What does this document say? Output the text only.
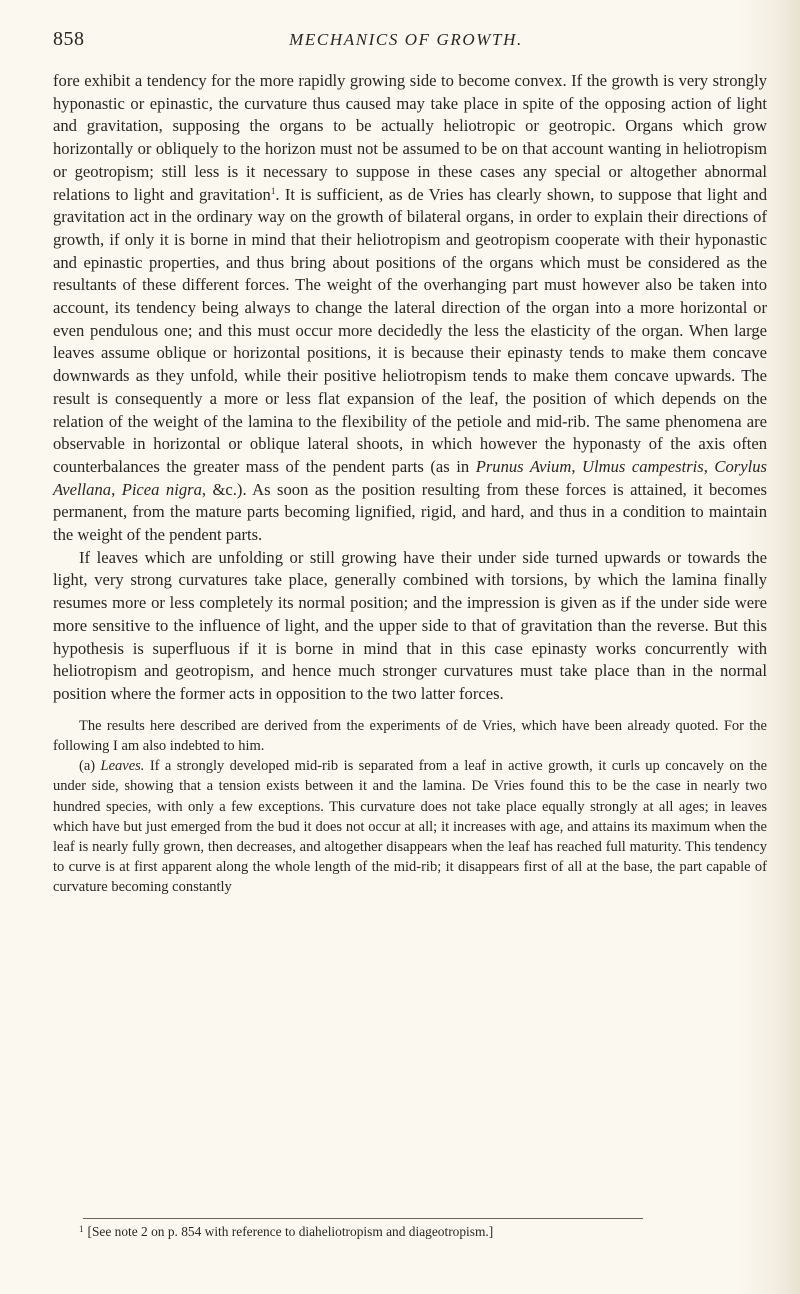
858	MECHANICS OF GROWTH.

fore exhibit a tendency for the more rapidly growing side to become convex. If the growth is very strongly hyponastic or epinastic, the curvature thus caused may take place in spite of the opposing action of light and gravitation, supposing the organs to be actually heliotropic or geotropic. Organs which grow horizontally or obliquely to the horizon must not be assumed to be on that account wanting in heliotropism or geotropism; still less is it necessary to suppose in these cases any special or altogether abnormal relations to light and gravitation$^1$. It is sufficient, as de Vries has clearly shown, to suppose that light and gravitation act in the ordinary way on the growth of bilateral organs, in order to explain their directions of growth, if only it is borne in mind that their heliotropism and geotropism cooperate with their hyponastic and epinastic properties, and thus bring about positions of the organs which must be considered as the resultants of these different forces. The weight of the overhanging part must however also be taken into account, its tendency being always to change the lateral direction of the organ into a more horizontal or even pendulous one; and this must occur more decidedly the less the elasticity of the organ. When large leaves assume oblique or horizontal positions, it is because their epinasty tends to make them concave downwards as they unfold, while their positive heliotropism tends to make them concave upwards. The result is consequently a more or less flat expansion of the leaf, the position of which depends on the relation of the weight of the lamina to the flexibility of the petiole and mid-rib. The same phenomena are observable in horizontal or oblique lateral shoots, in which however the hyponasty of the axis often counterbalances the greater mass of the pendent parts (as in Prunus Avium, Ulmus campestris, Corylus Avellana, Picea nigra, &c.). As soon as the position resulting from these forces is attained, it becomes permanent, from the mature parts becoming lignified, rigid, and hard, and thus in a condition to maintain the weight of the pendent parts.

If leaves which are unfolding or still growing have their under side turned upwards or towards the light, very strong curvatures take place, generally combined with torsions, by which the lamina finally resumes more or less completely its normal position; and the impression is given as if the under side were more sensitive to the influence of light, and the upper side to that of gravitation than the reverse. But this hypothesis is superfluous if it is borne in mind that in this case epinasty works concurrently with heliotropism and geotropism, and hence much stronger curvatures must take place than in the normal position where the former acts in opposition to the two latter forces.

The results here described are derived from the experiments of de Vries, which have been already quoted. For the following I am also indebted to him.

(a) Leaves. If a strongly developed mid-rib is separated from a leaf in active growth, it curls up concavely on the under side, showing that a tension exists between it and the lamina. De Vries found this to be the case in nearly two hundred species, with only a few exceptions. This curvature does not take place equally strongly at all ages; in leaves which have but just emerged from the bud it does not occur at all; it increases with age, and attains its maximum when the leaf is nearly fully grown, then decreases, and altogether disappears when the leaf has reached full maturity. This tendency to curve is at first apparent along the whole length of the mid-rib; it disappears first of all at the base, the part capable of curvature becoming constantly

$^1$ [See note 2 on p. 854 with reference to diaheliotropism and diageotropism.]
